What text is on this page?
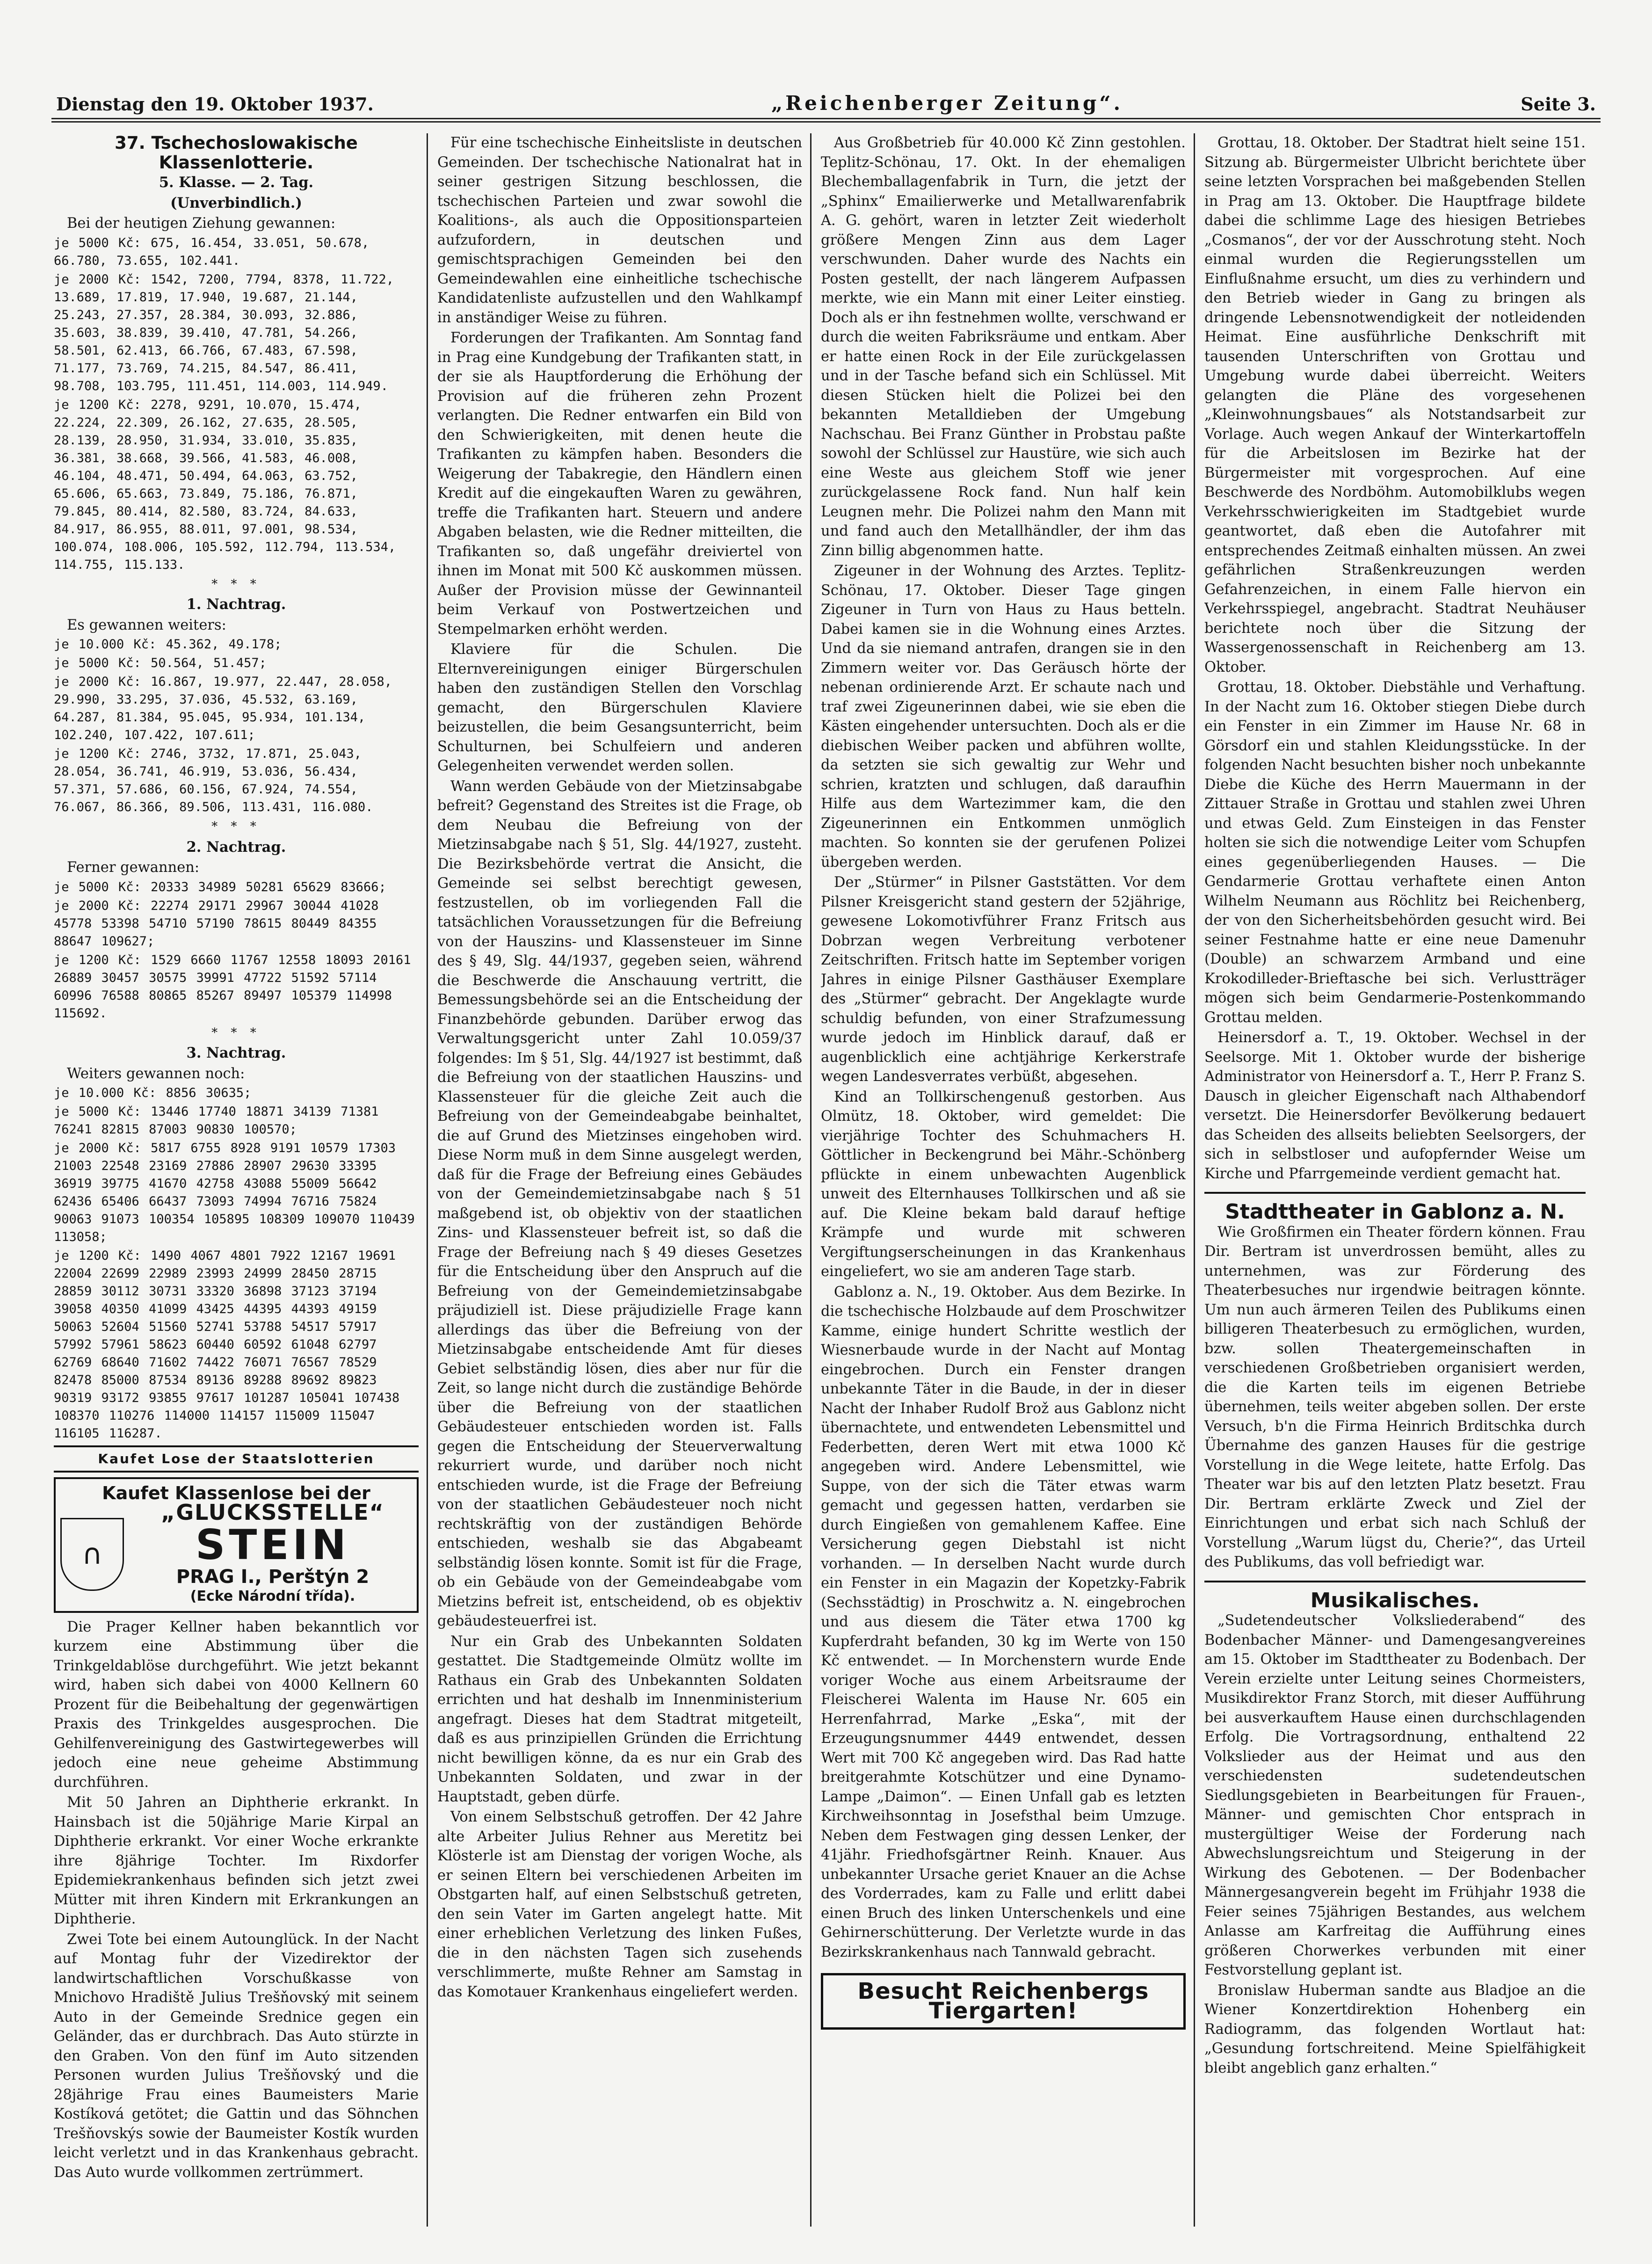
Dienstag den 19. Oktober 1937.	„Reichenberger Zeitung“.	Seite 3.

37. Tschechoslowakische Klassenlotterie.

5. Klasse. — 2. Tag.

(Unverbindlich.)

Bei der heutigen Ziehung gewannen:

je 5000 Kč: 675, 16.454, 33.051, 50.678, 66.780, 73.655, 102.441.

je 2000 Kč: 1542, 7200, 7794, 8378, 11.722, 13.689, 17.819, 17.940, 19.687, 21.144, 25.243, 27.357, 28.384, 30.093, 32.886, 35.603, 38.839, 39.410, 47.781, 54.266, 58.501, 62.413, 66.766, 67.483, 67.598, 71.177, 73.769, 74.215, 84.547, 86.411, 98.708, 103.795, 111.451, 114.003, 114.949.

je 1200 Kč: 2278, 9291, 10.070, 15.474, 22.224, 22.309, 26.162, 27.635, 28.505, 28.139, 28.950, 31.934, 33.010, 35.835, 36.381, 38.668, 39.566, 41.583, 46.008, 46.104, 48.471, 50.494, 64.063, 63.752, 65.606, 65.663, 73.849, 75.186, 76.871, 79.845, 80.414, 82.580, 83.724, 84.633, 84.917, 86.955, 88.011, 97.001, 98.534, 100.074, 108.006, 105.592, 112.794, 113.534, 114.755, 115.133.

* * *

1. Nachtrag.

Es gewannen weiters:

je 10.000 Kč: 45.362, 49.178;

je 5000 Kč: 50.564, 51.457;

je 2000 Kč: 16.867, 19.977, 22.447, 28.058, 29.990, 33.295, 37.036, 45.532, 63.169, 64.287, 81.384, 95.045, 95.934, 101.134, 102.240, 107.422, 107.611;

je 1200 Kč: 2746, 3732, 17.871, 25.043, 28.054, 36.741, 46.919, 53.036, 56.434, 57.371, 57.686, 60.156, 67.924, 74.554, 76.067, 86.366, 89.506, 113.431, 116.080.

* * *

2. Nachtrag.

Ferner gewannen:

je 5000 Kč: 20333 34989 50281 65629 83666;

je 2000 Kč: 22274 29171 29967 30044 41028 45778 53398 54710 57190 78615 80449 84355 88647 109627;

je 1200 Kč: 1529 6660 11767 12558 18093 20161 26889 30457 30575 39991 47722 51592 57114 60996 76588 80865 85267 89497 105379 114998 115692.

* * *

3. Nachtrag.

Weiters gewannen noch:

je 10.000 Kč: 8856 30635;

je 5000 Kč: 13446 17740 18871 34139 71381 76241 82815 87003 90830 100570;

je 2000 Kč: 5817 6755 8928 9191 10579 17303 21003 22548 23169 27886 28907 29630 33395 36919 39775 41670 42758 43088 55009 56642 62436 65406 66437 73093 74994 76716 75824 90063 91073 100354 105895 108309 109070 110439 113058;

je 1200 Kč: 1490 4067 4801 7922 12167 19691 22004 22699 22989 23993 24999 28450 28715 28859 30112 30731 33320 36898 37123 37194 39058 40350 41099 43425 44395 44393 49159 50063 52604 51560 52741 53788 54517 57917 57992 57961 58623 60440 60592 61048 62797 62769 68640 71602 74422 76071 76567 78529 82478 85000 87534 89136 89288 89692 89823 90319 93172 93855 97617 101287 105041 107438 108370 110276 114000 114157 115009 115047 116105 116287.

Kaufet Lose der Staatslotterien
Kaufet Klassenlose bei der
∩
„GLUCKSSTELLE“
STEIN
PRAG I., Perštýn 2
(Ecke Národní třída).

Die Prager Kellner haben bekanntlich vor kurzem eine Abstimmung über die Trinkgeldablöse durchgeführt. Wie jetzt bekannt wird, haben sich dabei von 4000 Kellnern 60 Prozent für die Beibehaltung der gegenwärtigen Praxis des Trinkgeldes ausgesprochen. Die Gehilfenvereinigung des Gastwirtegewerbes will jedoch eine neue geheime Abstimmung durchführen.

Mit 50 Jahren an Diphtherie erkrankt. In Hainsbach ist die 50jährige Marie Kirpal an Diphtherie erkrankt. Vor einer Woche erkrankte ihre 8jährige Tochter. Im Rixdorfer Epidemiekrankenhaus befinden sich jetzt zwei Mütter mit ihren Kindern mit Erkrankungen an Diphtherie.

Zwei Tote bei einem Autounglück. In der Nacht auf Montag fuhr der Vizedirektor der landwirtschaftlichen Vorschußkasse von Mnichovo Hradiště Julius Trešňovský mit seinem Auto in der Gemeinde Srednice gegen ein Geländer, das er durchbrach. Das Auto stürzte in den Graben. Von den fünf im Auto sitzenden Personen wurden Julius Trešňovský und die 28jährige Frau eines Baumeisters Marie Kostíková getötet; die Gattin und das Söhnchen Trešňovskýs sowie der Baumeister Kostík wurden leicht verletzt und in das Krankenhaus gebracht. Das Auto wurde vollkommen zertrümmert.

Für eine tschechische Einheitsliste in deutschen Gemeinden. Der tschechische Nationalrat hat in seiner gestrigen Sitzung beschlossen, die tschechischen Parteien und zwar sowohl die Koalitions-, als auch die Oppositionsparteien aufzufordern, in deutschen und gemischtsprachigen Gemeinden bei den Gemeindewahlen eine einheitliche tschechische Kandidatenliste aufzustellen und den Wahlkampf in anständiger Weise zu führen.

Forderungen der Trafikanten. Am Sonntag fand in Prag eine Kundgebung der Trafikanten statt, in der sie als Hauptforderung die Erhöhung der Provision auf die früheren zehn Prozent verlangten. Die Redner entwarfen ein Bild von den Schwierigkeiten, mit denen heute die Trafikanten zu kämpfen haben. Besonders die Weigerung der Tabakregie, den Händlern einen Kredit auf die eingekauften Waren zu gewähren, treffe die Trafikanten hart. Steuern und andere Abgaben belasten, wie die Redner mitteilten, die Trafikanten so, daß ungefähr dreiviertel von ihnen im Monat mit 500 Kč auskommen müssen. Außer der Provision müsse der Gewinnanteil beim Verkauf von Postwertzeichen und Stempelmarken erhöht werden.

Klaviere für die Schulen. Die Elternvereinigungen einiger Bürgerschulen haben den zuständigen Stellen den Vorschlag gemacht, den Bürgerschulen Klaviere beizustellen, die beim Gesangsunterricht, beim Schulturnen, bei Schulfeiern und anderen Gelegenheiten verwendet werden sollen.

Wann werden Gebäude von der Mietzinsabgabe befreit? Gegenstand des Streites ist die Frage, ob dem Neubau die Befreiung von der Mietzinsabgabe nach § 51, Slg. 44/1927, zusteht. Die Bezirksbehörde vertrat die Ansicht, die Gemeinde sei selbst berechtigt gewesen, festzustellen, ob im vorliegenden Fall die tatsächlichen Voraussetzungen für die Befreiung von der Hauszins- und Klassensteuer im Sinne des § 49, Slg. 44/1937, gegeben seien, während die Beschwerde die Anschauung vertritt, die Bemessungsbehörde sei an die Entscheidung der Finanzbehörde gebunden. Darüber erwog das Verwaltungsgericht unter Zahl 10.059/37 folgendes: Im § 51, Slg. 44/1927 ist bestimmt, daß die Befreiung von der staatlichen Hauszins- und Klassensteuer für die gleiche Zeit auch die Befreiung von der Gemeindeabgabe beinhaltet, die auf Grund des Mietzinses eingehoben wird. Diese Norm muß in dem Sinne ausgelegt werden, daß für die Frage der Befreiung eines Gebäudes von der Gemeindemietzinsabgabe nach § 51 maßgebend ist, ob objektiv von der staatlichen Zins- und Klassensteuer befreit ist, so daß die Frage der Befreiung nach § 49 dieses Gesetzes für die Entscheidung über den Anspruch auf die Befreiung von der Gemeindemietzinsabgabe präjudiziell ist. Diese präjudizielle Frage kann allerdings das über die Befreiung von der Mietzinsabgabe entscheidende Amt für dieses Gebiet selbständig lösen, dies aber nur für die Zeit, so lange nicht durch die zuständige Behörde über die Befreiung von der staatlichen Gebäudesteuer entschieden worden ist. Falls gegen die Entscheidung der Steuerverwaltung rekurriert wurde, und darüber noch nicht entschieden wurde, ist die Frage der Befreiung von der staatlichen Gebäudesteuer noch nicht rechtskräftig von der zuständigen Behörde entschieden, weshalb sie das Abgabeamt selbständig lösen konnte. Somit ist für die Frage, ob ein Gebäude von der Gemeindeabgabe vom Mietzins befreit ist, entscheidend, ob es objektiv gebäudesteuerfrei ist.

Nur ein Grab des Unbekannten Soldaten gestattet. Die Stadtgemeinde Olmütz wollte im Rathaus ein Grab des Unbekannten Soldaten errichten und hat deshalb im Innenministerium angefragt. Dieses hat dem Stadtrat mitgeteilt, daß es aus prinzipiellen Gründen die Errichtung nicht bewilligen könne, da es nur ein Grab des Unbekannten Soldaten, und zwar in der Hauptstadt, geben dürfe.

Von einem Selbstschuß getroffen. Der 42 Jahre alte Arbeiter Julius Rehner aus Meretitz bei Klösterle ist am Dienstag der vorigen Woche, als er seinen Eltern bei verschiedenen Arbeiten im Obstgarten half, auf einen Selbstschuß getreten, den sein Vater im Garten angelegt hatte. Mit einer erheblichen Verletzung des linken Fußes, die in den nächsten Tagen sich zusehends verschlimmerte, mußte Rehner am Samstag in das Komotauer Krankenhaus eingeliefert werden.

Aus Großbetrieb für 40.000 Kč Zinn gestohlen. Teplitz-Schönau, 17. Okt. In der ehemaligen Blechemballagenfabrik in Turn, die jetzt der „Sphinx“ Emailierwerke und Metallwarenfabrik A. G. gehört, waren in letzter Zeit wiederholt größere Mengen Zinn aus dem Lager verschwunden. Daher wurde des Nachts ein Posten gestellt, der nach längerem Aufpassen merkte, wie ein Mann mit einer Leiter einstieg. Doch als er ihn festnehmen wollte, verschwand er durch die weiten Fabriksräume und entkam. Aber er hatte einen Rock in der Eile zurückgelassen und in der Tasche befand sich ein Schlüssel. Mit diesen Stücken hielt die Polizei bei den bekannten Metalldieben der Umgebung Nachschau. Bei Franz Günther in Probstau paßte sowohl der Schlüssel zur Haustüre, wie sich auch eine Weste aus gleichem Stoff wie jener zurückgelassene Rock fand. Nun half kein Leugnen mehr. Die Polizei nahm den Mann mit und fand auch den Metallhändler, der ihm das Zinn billig abgenommen hatte.

Zigeuner in der Wohnung des Arztes. Teplitz-Schönau, 17. Oktober. Dieser Tage gingen Zigeuner in Turn von Haus zu Haus betteln. Dabei kamen sie in die Wohnung eines Arztes. Und da sie niemand antrafen, drangen sie in den Zimmern weiter vor. Das Geräusch hörte der nebenan ordinierende Arzt. Er schaute nach und traf zwei Zigeunerinnen dabei, wie sie eben die Kästen eingehender untersuchten. Doch als er die diebischen Weiber packen und abführen wollte, da setzten sie sich gewaltig zur Wehr und schrien, kratzten und schlugen, daß daraufhin Hilfe aus dem Wartezimmer kam, die den Zigeunerinnen ein Entkommen unmöglich machten. So konnten sie der gerufenen Polizei übergeben werden.

Der „Stürmer“ in Pilsner Gaststätten. Vor dem Pilsner Kreisgericht stand gestern der 52jährige, gewesene Lokomotivführer Franz Fritsch aus Dobrzan wegen Verbreitung verbotener Zeitschriften. Fritsch hatte im September vorigen Jahres in einige Pilsner Gasthäuser Exemplare des „Stürmer“ gebracht. Der Angeklagte wurde schuldig befunden, von einer Strafzumessung wurde jedoch im Hinblick darauf, daß er augenblicklich eine achtjährige Kerkerstrafe wegen Landesverrates verbüßt, abgesehen.

Kind an Tollkirschengenuß gestorben. Aus Olmütz, 18. Oktober, wird gemeldet: Die vierjährige Tochter des Schuhmachers H. Göttlicher in Beckengrund bei Mähr.-Schönberg pflückte in einem unbewachten Augenblick unweit des Elternhauses Tollkirschen und aß sie auf. Die Kleine bekam bald darauf heftige Krämpfe und wurde mit schweren Vergiftungserscheinungen in das Krankenhaus eingeliefert, wo sie am anderen Tage starb.

Gablonz a. N., 19. Oktober. Aus dem Bezirke. In die tschechische Holzbaude auf dem Proschwitzer Kamme, einige hundert Schritte westlich der Wiesnerbaude wurde in der Nacht auf Montag eingebrochen. Durch ein Fenster drangen unbekannte Täter in die Baude, in der in dieser Nacht der Inhaber Rudolf Brož aus Gablonz nicht übernachtete, und entwendeten Lebensmittel und Federbetten, deren Wert mit etwa 1000 Kč angegeben wird. Andere Lebensmittel, wie Suppe, von der sich die Täter etwas warm gemacht und gegessen hatten, verdarben sie durch Eingießen von gemahlenem Kaffee. Eine Versicherung gegen Diebstahl ist nicht vorhanden. — In derselben Nacht wurde durch ein Fenster in ein Magazin der Kopetzky-Fabrik (Sechsstädtig) in Proschwitz a. N. eingebrochen und aus diesem die Täter etwa 1700 kg Kupferdraht befanden, 30 kg im Werte von 150 Kč entwendet. — In Morchenstern wurde Ende voriger Woche aus einem Arbeitsraume der Fleischerei Walenta im Hause Nr. 605 ein Herrenfahrrad, Marke „Eska“, mit der Erzeugungsnummer 4449 entwendet, dessen Wert mit 700 Kč angegeben wird. Das Rad hatte breitgerahmte Kotschützer und eine Dynamo-Lampe „Daimon“. — Einen Unfall gab es letzten Kirchweihsonntag in Josefsthal beim Umzuge. Neben dem Festwagen ging dessen Lenker, der 41jähr. Friedhofsgärtner Reinh. Knauer. Aus unbekannter Ursache geriet Knauer an die Achse des Vorderrades, kam zu Falle und erlitt dabei einen Bruch des linken Unterschenkels und eine Gehirnerschütterung. Der Verletzte wurde in das Bezirkskrankenhaus nach Tannwald gebracht.

Besucht Reichenbergs Tiergarten!

Grottau, 18. Oktober. Der Stadtrat hielt seine 151. Sitzung ab. Bürgermeister Ulbricht berichtete über seine letzten Vorsprachen bei maßgebenden Stellen in Prag am 13. Oktober. Die Hauptfrage bildete dabei die schlimme Lage des hiesigen Betriebes „Cosmanos“, der vor der Ausschrotung steht. Noch einmal wurden die Regierungsstellen um Einflußnahme ersucht, um dies zu verhindern und den Betrieb wieder in Gang zu bringen als dringende Lebensnotwendigkeit der notleidenden Heimat. Eine ausführliche Denkschrift mit tausenden Unterschriften von Grottau und Umgebung wurde dabei überreicht. Weiters gelangten die Pläne des vorgesehenen „Kleinwohnungsbaues“ als Notstandsarbeit zur Vorlage. Auch wegen Ankauf der Winterkartoffeln für die Arbeitslosen im Bezirke hat der Bürgermeister mit vorgesprochen. Auf eine Beschwerde des Nordböhm. Automobilklubs wegen Verkehrsschwierigkeiten im Stadtgebiet wurde geantwortet, daß eben die Autofahrer mit entsprechendes Zeitmaß einhalten müssen. An zwei gefährlichen Straßenkreuzungen werden Gefahrenzeichen, in einem Falle hiervon ein Verkehrsspiegel, angebracht. Stadtrat Neuhäuser berichtete noch über die Sitzung der Wassergenossenschaft in Reichenberg am 13. Oktober.

Grottau, 18. Oktober. Diebstähle und Verhaftung. In der Nacht zum 16. Oktober stiegen Diebe durch ein Fenster in ein Zimmer im Hause Nr. 68 in Görsdorf ein und stahlen Kleidungsstücke. In der folgenden Nacht besuchten bisher noch unbekannte Diebe die Küche des Herrn Mauermann in der Zittauer Straße in Grottau und stahlen zwei Uhren und etwas Geld. Zum Einsteigen in das Fenster holten sie sich die notwendige Leiter vom Schupfen eines gegenüberliegenden Hauses. — Die Gendarmerie Grottau verhaftete einen Anton Wilhelm Neumann aus Röchlitz bei Reichenberg, der von den Sicherheitsbehörden gesucht wird. Bei seiner Festnahme hatte er eine neue Damenuhr (Double) an schwarzem Armband und eine Krokodilleder-Brieftasche bei sich. Verlustträger mögen sich beim Gendarmerie-Postenkommando Grottau melden.

Heinersdorf a. T., 19. Oktober. Wechsel in der Seelsorge. Mit 1. Oktober wurde der bisherige Administrator von Heinersdorf a. T., Herr P. Franz S. Dausch in gleicher Eigenschaft nach Althabendorf versetzt. Die Heinersdorfer Bevölkerung bedauert das Scheiden des allseits beliebten Seelsorgers, der sich in selbstloser und aufopfernder Weise um Kirche und Pfarrgemeinde verdient gemacht hat.

Stadttheater in Gablonz a. N.

Wie Großfirmen ein Theater fördern können. Frau Dir. Bertram ist unverdrossen bemüht, alles zu unternehmen, was zur Förderung des Theaterbesuches nur irgendwie beitragen könnte. Um nun auch ärmeren Teilen des Publikums einen billigeren Theaterbesuch zu ermöglichen, wurden, bzw. sollen Theatergemeinschaften in verschiedenen Großbetrieben organisiert werden, die die Karten teils im eigenen Betriebe übernehmen, teils weiter abgeben sollen. Der erste Versuch, b'n die Firma Heinrich Brditschka durch Übernahme des ganzen Hauses für die gestrige Vorstellung in die Wege leitete, hatte Erfolg. Das Theater war bis auf den letzten Platz besetzt. Frau Dir. Bertram erklärte Zweck und Ziel der Einrichtungen und erbat sich nach Schluß der Vorstellung „Warum lügst du, Cherie?“, das Urteil des Publikums, das voll befriedigt war.

Musikalisches.

„Sudetendeutscher Volksliederabend“ des Bodenbacher Männer- und Damengesangvereines am 15. Oktober im Stadttheater zu Bodenbach. Der Verein erzielte unter Leitung seines Chormeisters, Musikdirektor Franz Storch, mit dieser Aufführung bei ausverkauftem Hause einen durchschlagenden Erfolg. Die Vortragsordnung, enthaltend 22 Volkslieder aus der Heimat und aus den verschiedensten sudetendeutschen Siedlungsgebieten in Bearbeitungen für Frauen-, Männer- und gemischten Chor entsprach in mustergültiger Weise der Forderung nach Abwechslungsreichtum und Steigerung in der Wirkung des Gebotenen. — Der Bodenbacher Männergesangverein begeht im Frühjahr 1938 die Feier seines 75jährigen Bestandes, aus welchem Anlasse am Karfreitag die Aufführung eines größeren Chorwerkes verbunden mit einer Festvorstellung geplant ist.

Bronislaw Huberman sandte aus Bladjoe an die Wiener Konzertdirektion Hohenberg ein Radiogramm, das folgenden Wortlaut hat: „Gesundung fortschreitend. Meine Spielfähigkeit bleibt angeblich ganz erhalten.“
